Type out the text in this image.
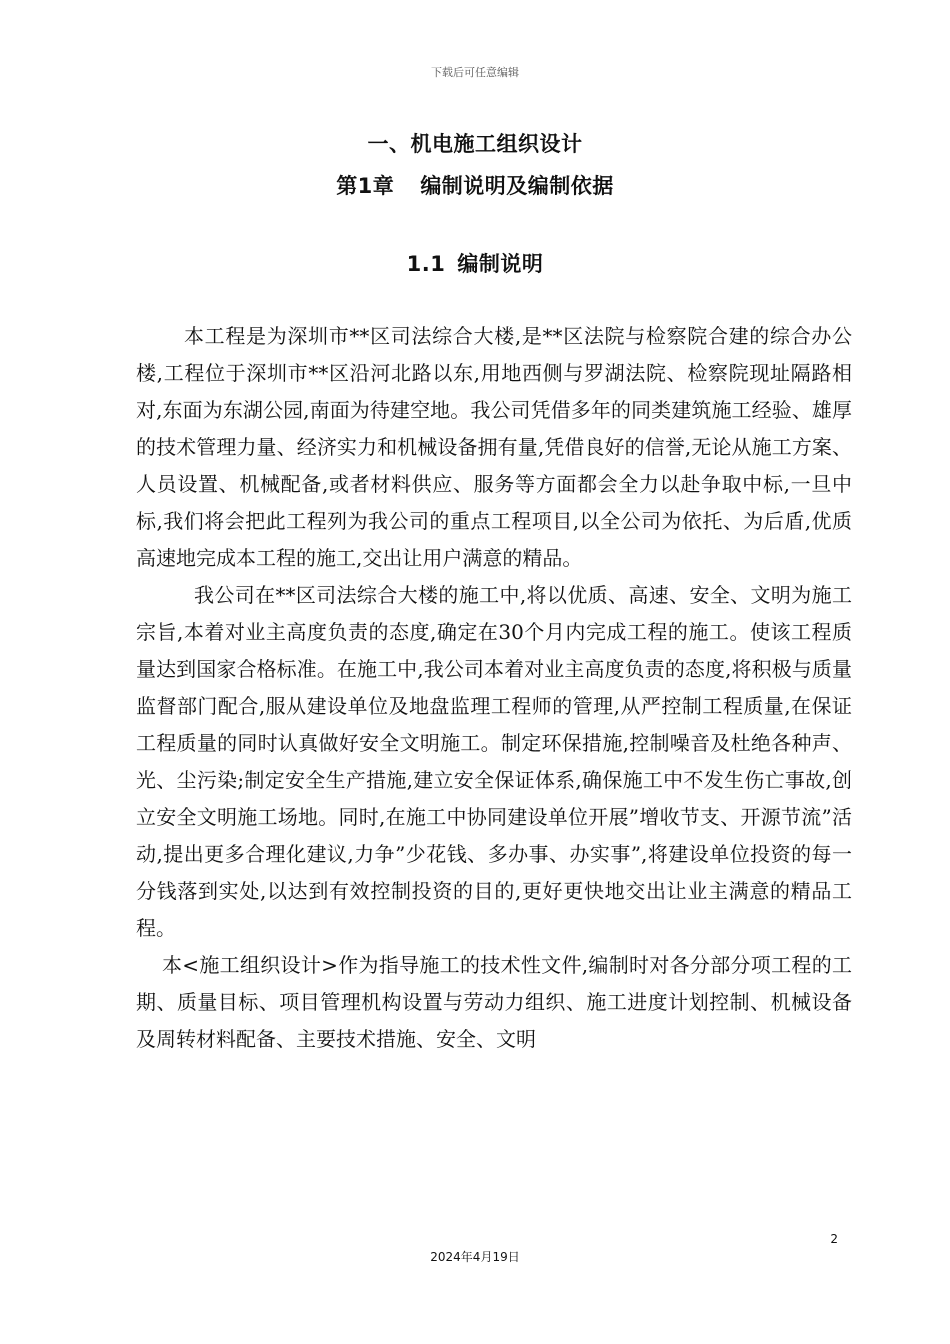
下载后可任意编辑

一、机电施工组织设计
第1章 编制说明及编制依据
1.1 编制说明

本工程是为深圳市**区司法综合大楼,是**区法院与检察院合建的综合办公楼,工程位于深圳市**区沿河北路以东,用地西侧与罗湖法院、检察院现址隔路相对,东面为东湖公园,南面为待建空地。我公司凭借多年的同类建筑施工经验、雄厚的技术管理力量、经济实力和机械设备拥有量,凭借良好的信誉,无论从施工方案、人员设置、机械配备,或者材料供应、服务等方面都会全力以赴争取中标,一旦中标,我们将会把此工程列为我公司的重点工程项目,以全公司为依托、为后盾,优质高速地完成本工程的施工,交出让用户满意的精品。

我公司在**区司法综合大楼的施工中,将以优质、高速、安全、文明为施工宗旨,本着对业主高度负责的态度,确定在30个月内完成工程的施工。使该工程质量达到国家合格标准。在施工中,我公司本着对业主高度负责的态度,将积极与质量监督部门配合,服从建设单位及地盘监理工程师的管理,从严控制工程质量,在保证工程质量的同时认真做好安全文明施工。制定环保措施,控制噪音及杜绝各种声、光、尘污染;制定安全生产措施,建立安全保证体系,确保施工中不发生伤亡事故,创立安全文明施工场地。同时,在施工中协同建设单位开展”增收节支、开源节流”活动,提出更多合理化建议,力争”少花钱、多办事、办实事”,将建设单位投资的每一分钱落到实处,以达到有效控制投资的目的,更好更快地交出让业主满意的精品工程。

本<施工组织设计>作为指导施工的技术性文件,编制时对各分部分项工程的工期、质量目标、项目管理机构设置与劳动力组织、施工进度计划控制、机械设备及周转材料配备、主要技术措施、安全、文明

2

2024年4月19日
